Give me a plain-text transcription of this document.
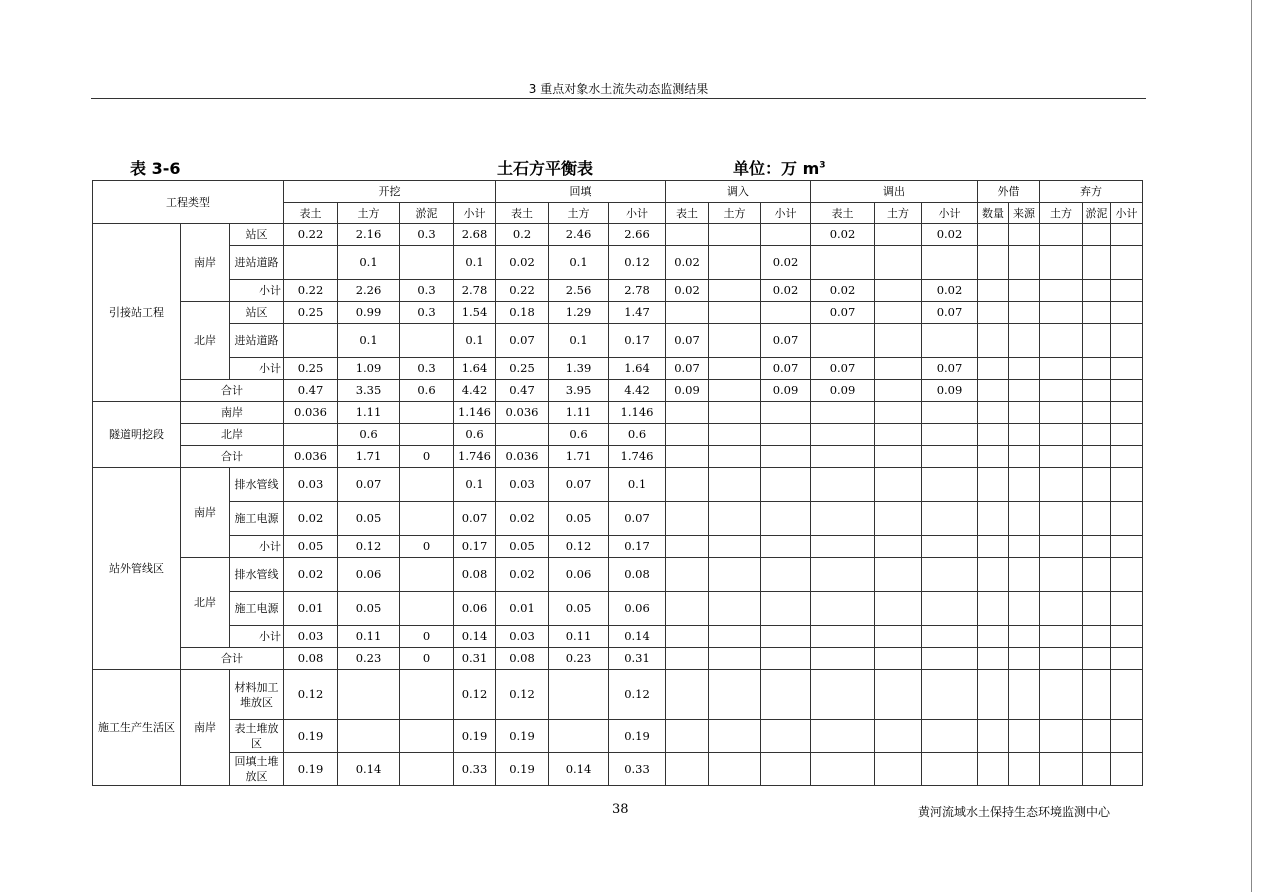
3 重点对象水土流失动态监测结果
表 3-6	土石方平衡表	单位：万 $m^3$
工程类型			开挖				回填			调入			调出			外借		弃方		
			表土	土方	淤泥	小计	表土	土方	小计	表土	土方	小计	表土	土方	小计	数量	来源	土方	淤泥	小计
引接站工程	南岸	站区	0.22	2.16	0.3	2.68	0.2	2.46	2.66				0.02		0.02					
		进站道路		0.1		0.1	0.02	0.1	0.12	0.02		0.02								
		小计	0.22	2.26	0.3	2.78	0.22	2.56	2.78	0.02		0.02	0.02		0.02					
	北岸	站区	0.25	0.99	0.3	1.54	0.18	1.29	1.47				0.07		0.07					
		进站道路		0.1		0.1	0.07	0.1	0.17	0.07		0.07								
		小计	0.25	1.09	0.3	1.64	0.25	1.39	1.64	0.07		0.07	0.07		0.07					
	合计		0.47	3.35	0.6	4.42	0.47	3.95	4.42	0.09		0.09	0.09		0.09					
隧道明挖段	南岸		0.036	1.11		1.146	0.036	1.11	1.146											
	北岸			0.6		0.6		0.6	0.6											
	合计		0.036	1.71	0	1.746	0.036	1.71	1.746											
站外管线区	南岸	排水管线	0.03	0.07		0.1	0.03	0.07	0.1											
		施工电源	0.02	0.05		0.07	0.02	0.05	0.07											
		小计	0.05	0.12	0	0.17	0.05	0.12	0.17											
	北岸	排水管线	0.02	0.06		0.08	0.02	0.06	0.08											
		施工电源	0.01	0.05		0.06	0.01	0.05	0.06											
		小计	0.03	0.11	0	0.14	0.03	0.11	0.14											
	合计		0.08	0.23	0	0.31	0.08	0.23	0.31											
施工生产生活区	南岸	材料加工堆放区	0.12			0.12	0.12		0.12											
		表土堆放区	0.19			0.19	0.19		0.19											
		回填土堆放区	0.19	0.14		0.33	0.19	0.14	0.33											
38	黄河流域水土保持生态环境监测中心
